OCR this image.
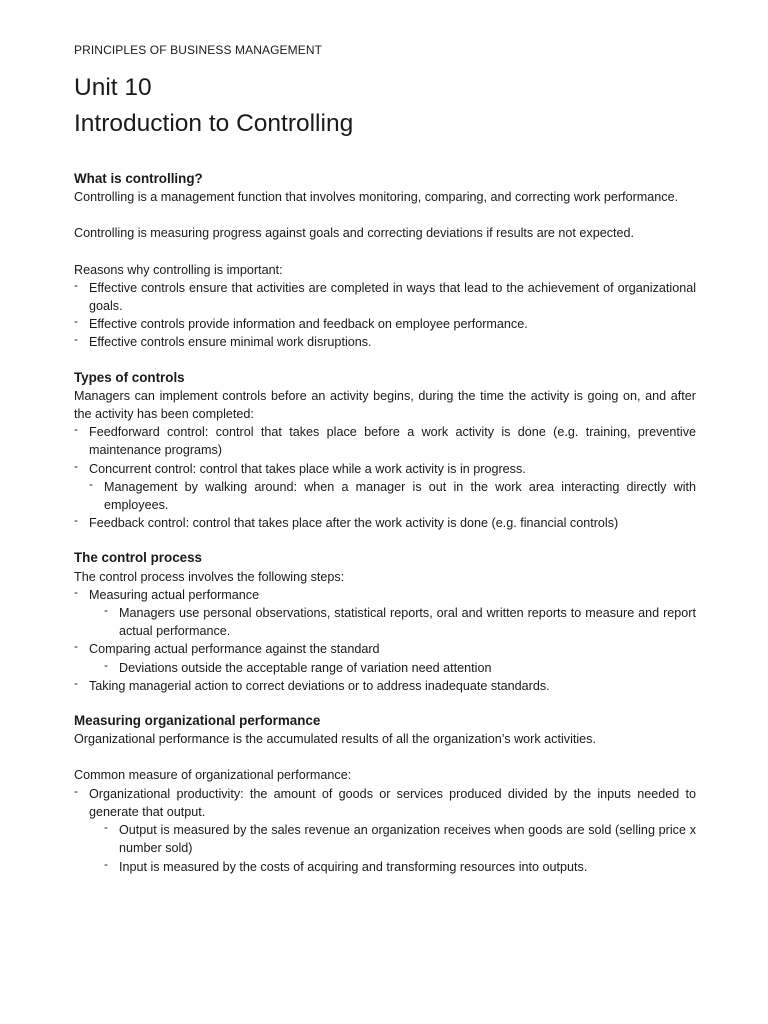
PRINCIPLES OF BUSINESS MANAGEMENT
Unit 10
Introduction to Controlling
What is controlling?

Controlling is a management function that involves monitoring, comparing, and correcting work performance.

Controlling is measuring progress against goals and correcting deviations if results are not expected.

Reasons why controlling is important:

- Effective controls ensure that activities are completed in ways that lead to the achievement of organizational goals.
- Effective controls provide information and feedback on employee performance.
- Effective controls ensure minimal work disruptions.
Types of controls

Managers can implement controls before an activity begins, during the time the activity is going on, and after the activity has been completed:

- Feedforward control: control that takes place before a work activity is done (e.g. training, preventive maintenance programs)
- Concurrent control: control that takes place while a work activity is in progress.
- Management by walking around: when a manager is out in the work area interacting directly with employees.
- Feedback control: control that takes place after the work activity is done (e.g. financial controls)
The control process

The control process involves the following steps:

- Measuring actual performance
- Managers use personal observations, statistical reports, oral and written reports to measure and report actual performance.
- Comparing actual performance against the standard
- Deviations outside the acceptable range of variation need attention
- Taking managerial action to correct deviations or to address inadequate standards.
Measuring organizational performance

Organizational performance is the accumulated results of all the organization’s work activities.

Common measure of organizational performance:

- Organizational productivity: the amount of goods or services produced divided by the inputs needed to generate that output.
- Output is measured by the sales revenue an organization receives when goods are sold (selling price x number sold)
- Input is measured by the costs of acquiring and transforming resources into outputs.
